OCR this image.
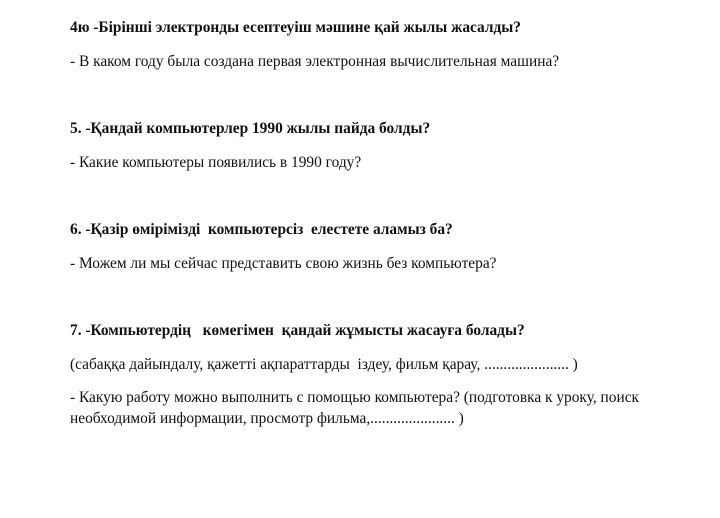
4ю -Бірінші электронды есептеуіш мәшине қай жылы жасалды?
- В каком году была создана первая электронная вычислительная машина?
5. -Қандай компьютерлер 1990 жылы пайда болды?
- Какие компьютеры появились в 1990 году?
6. -Қазір өмірімізді  компьютерсіз  елестете аламыз ба?
- Можем ли мы сейчас представить свою жизнь без компьютера?
7. -Компьютердің   көмегімен  қандай жұмысты жасауға болады?
(сабаққа дайындалу, қажетті ақпараттарды  іздеу, фильм қарау, ...................... )
- Какую работу можно выполнить с помощью компьютера? (подготовка к уроку, поиск
необходимой информации, просмотр фильма,...................... )
